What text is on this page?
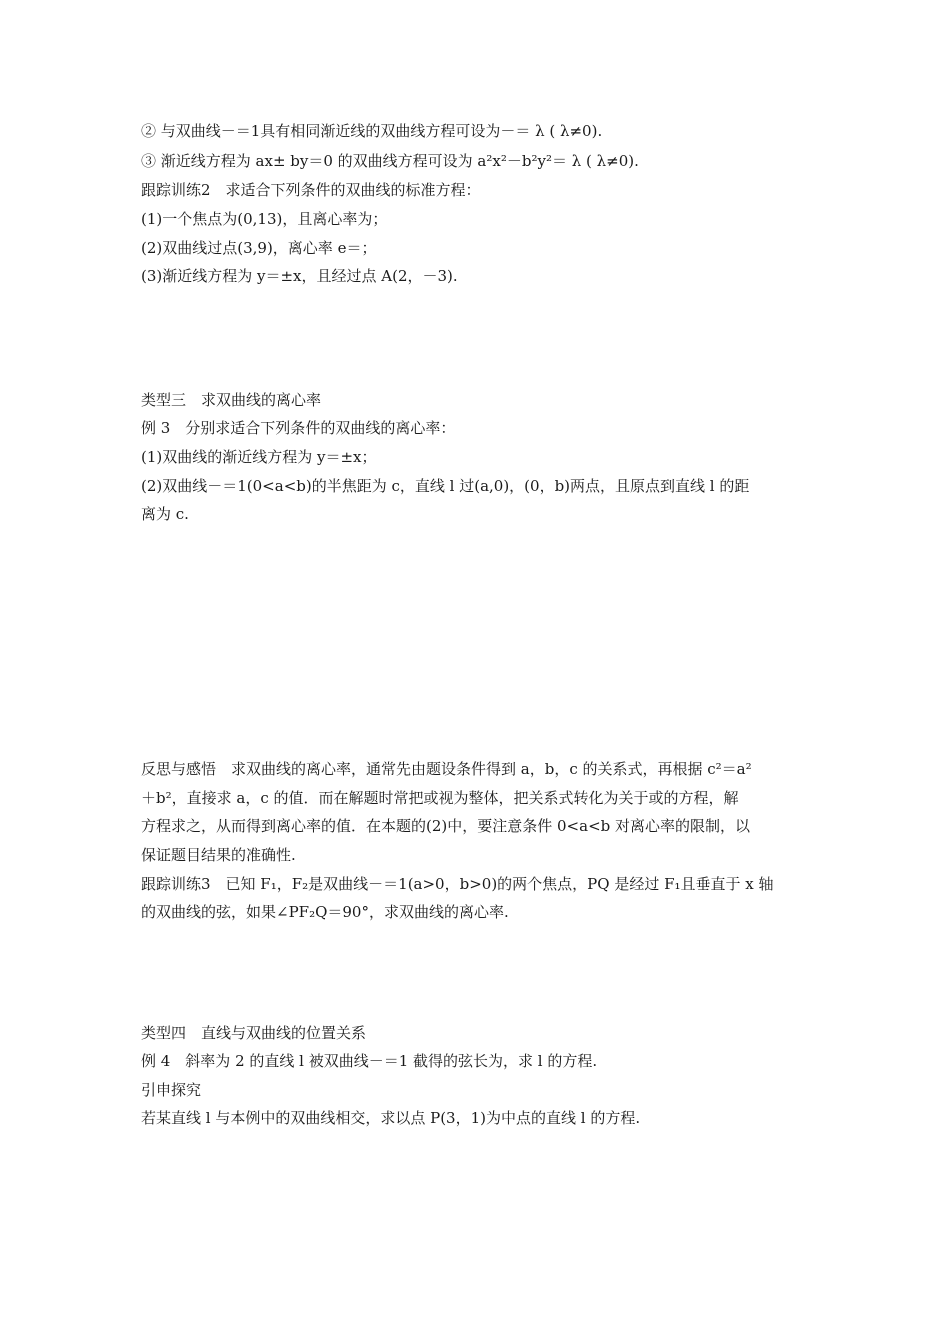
② 与双曲线－＝1具有相同渐近线的双曲线方程可设为－＝ λ ( λ≠0).
③ 渐近线方程为 ax± by＝0 的双曲线方程可设为 a²x²－b²y²＝ λ ( λ≠0).
跟踪训练2　求适合下列条件的双曲线的标准方程：
(1)一个焦点为(0,13)，且离心率为；
(2)双曲线过点(3,9)，离心率 e＝；
(3)渐近线方程为 y＝±x，且经过点 A(2，－3).
类型三　求双曲线的离心率
例 3　分别求适合下列条件的双曲线的离心率：
(1)双曲线的渐近线方程为 y＝±x；
(2)双曲线－＝1(0<a<b)的半焦距为 c，直线 l 过(a,0)，(0，b)两点，且原点到直线 l 的距
离为 c.
反思与感悟　求双曲线的离心率，通常先由题设条件得到 a，b，c 的关系式，再根据 c²＝a²
＋b²，直接求 a，c 的值．而在解题时常把或视为整体，把关系式转化为关于或的方程，解
方程求之，从而得到离心率的值．在本题的(2)中，要注意条件 0<a<b 对离心率的限制，以
保证题目结果的准确性.
跟踪训练3　已知 F₁，F₂是双曲线－＝1(a>0，b>0)的两个焦点，PQ 是经过 F₁且垂直于 x 轴
的双曲线的弦，如果∠PF₂Q＝90°，求双曲线的离心率.
类型四　直线与双曲线的位置关系
例 4　斜率为 2 的直线 l 被双曲线－＝1 截得的弦长为，求 l 的方程.
引申探究
若某直线 l 与本例中的双曲线相交，求以点 P(3，1)为中点的直线 l 的方程.
